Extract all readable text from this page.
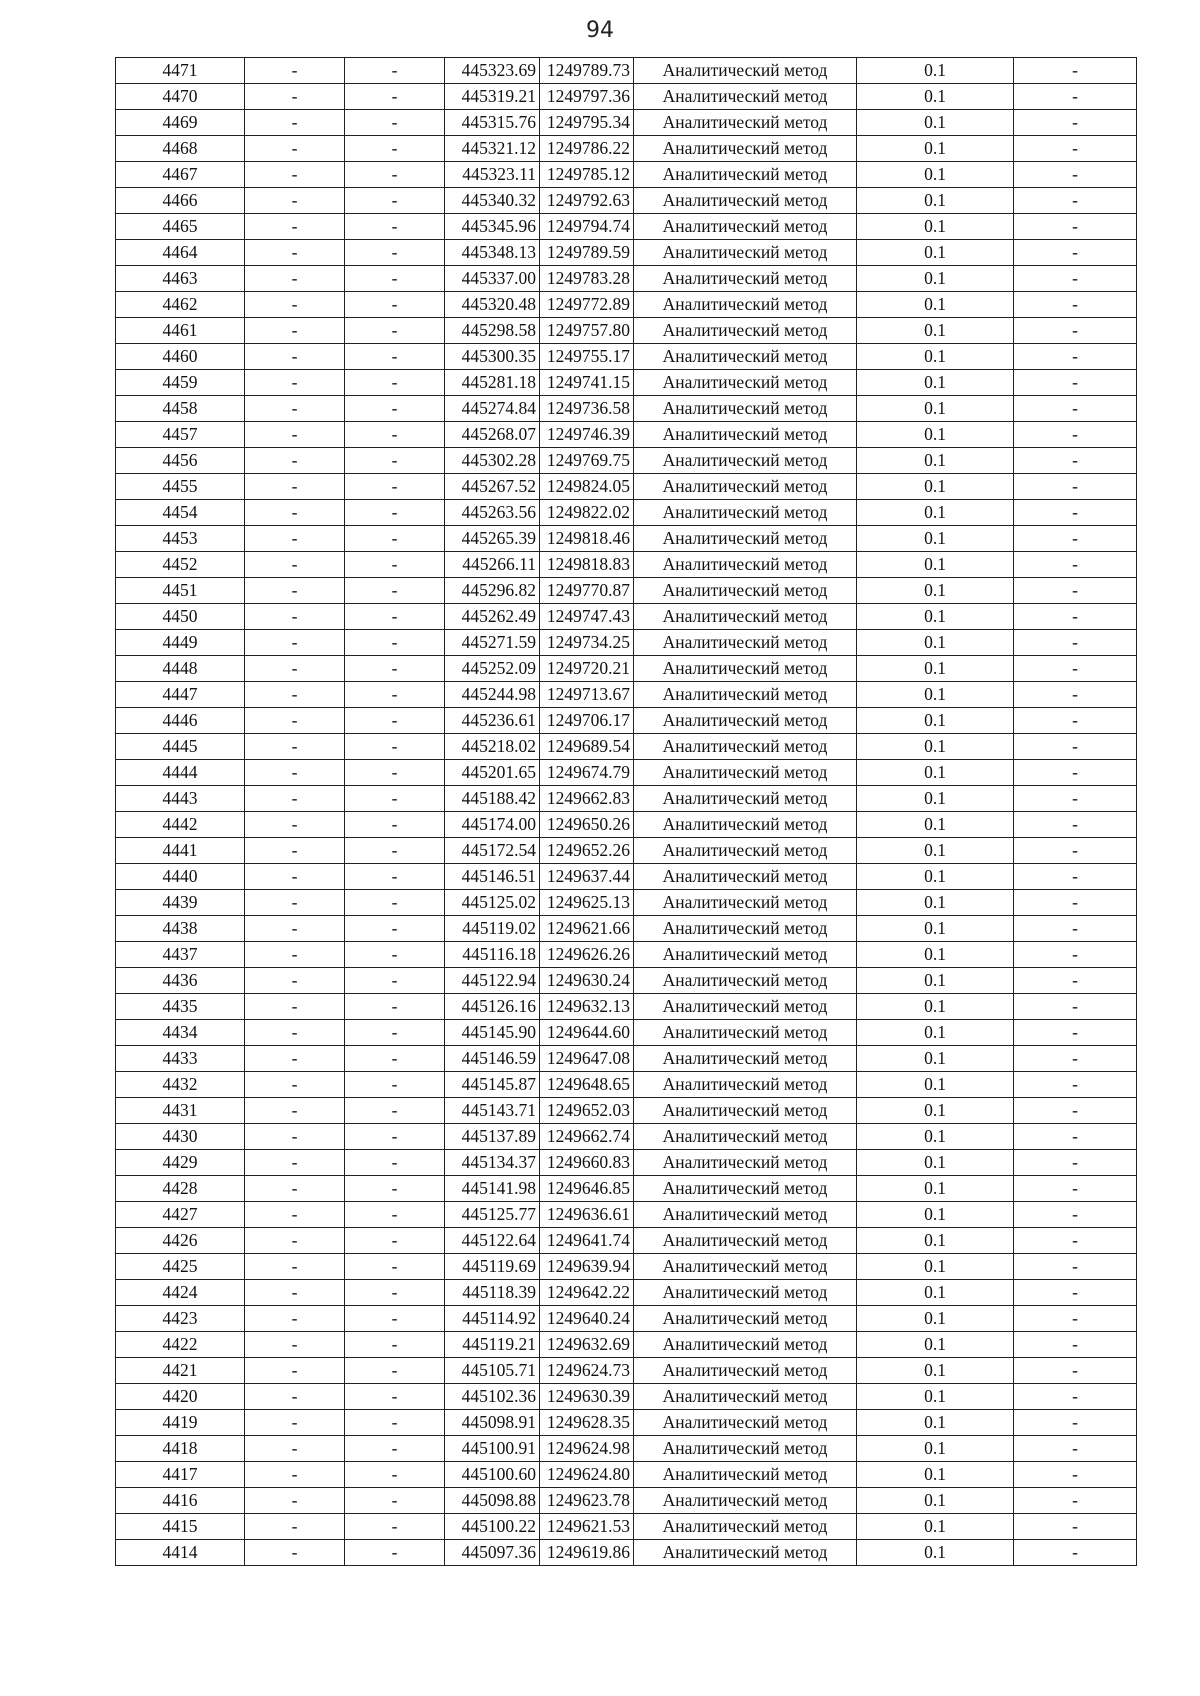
94
4471	-	-	445323.69	1249789.73	Аналитический метод	0.1	-
4470	-	-	445319.21	1249797.36	Аналитический метод	0.1	-
4469	-	-	445315.76	1249795.34	Аналитический метод	0.1	-
4468	-	-	445321.12	1249786.22	Аналитический метод	0.1	-
4467	-	-	445323.11	1249785.12	Аналитический метод	0.1	-
4466	-	-	445340.32	1249792.63	Аналитический метод	0.1	-
4465	-	-	445345.96	1249794.74	Аналитический метод	0.1	-
4464	-	-	445348.13	1249789.59	Аналитический метод	0.1	-
4463	-	-	445337.00	1249783.28	Аналитический метод	0.1	-
4462	-	-	445320.48	1249772.89	Аналитический метод	0.1	-
4461	-	-	445298.58	1249757.80	Аналитический метод	0.1	-
4460	-	-	445300.35	1249755.17	Аналитический метод	0.1	-
4459	-	-	445281.18	1249741.15	Аналитический метод	0.1	-
4458	-	-	445274.84	1249736.58	Аналитический метод	0.1	-
4457	-	-	445268.07	1249746.39	Аналитический метод	0.1	-
4456	-	-	445302.28	1249769.75	Аналитический метод	0.1	-
4455	-	-	445267.52	1249824.05	Аналитический метод	0.1	-
4454	-	-	445263.56	1249822.02	Аналитический метод	0.1	-
4453	-	-	445265.39	1249818.46	Аналитический метод	0.1	-
4452	-	-	445266.11	1249818.83	Аналитический метод	0.1	-
4451	-	-	445296.82	1249770.87	Аналитический метод	0.1	-
4450	-	-	445262.49	1249747.43	Аналитический метод	0.1	-
4449	-	-	445271.59	1249734.25	Аналитический метод	0.1	-
4448	-	-	445252.09	1249720.21	Аналитический метод	0.1	-
4447	-	-	445244.98	1249713.67	Аналитический метод	0.1	-
4446	-	-	445236.61	1249706.17	Аналитический метод	0.1	-
4445	-	-	445218.02	1249689.54	Аналитический метод	0.1	-
4444	-	-	445201.65	1249674.79	Аналитический метод	0.1	-
4443	-	-	445188.42	1249662.83	Аналитический метод	0.1	-
4442	-	-	445174.00	1249650.26	Аналитический метод	0.1	-
4441	-	-	445172.54	1249652.26	Аналитический метод	0.1	-
4440	-	-	445146.51	1249637.44	Аналитический метод	0.1	-
4439	-	-	445125.02	1249625.13	Аналитический метод	0.1	-
4438	-	-	445119.02	1249621.66	Аналитический метод	0.1	-
4437	-	-	445116.18	1249626.26	Аналитический метод	0.1	-
4436	-	-	445122.94	1249630.24	Аналитический метод	0.1	-
4435	-	-	445126.16	1249632.13	Аналитический метод	0.1	-
4434	-	-	445145.90	1249644.60	Аналитический метод	0.1	-
4433	-	-	445146.59	1249647.08	Аналитический метод	0.1	-
4432	-	-	445145.87	1249648.65	Аналитический метод	0.1	-
4431	-	-	445143.71	1249652.03	Аналитический метод	0.1	-
4430	-	-	445137.89	1249662.74	Аналитический метод	0.1	-
4429	-	-	445134.37	1249660.83	Аналитический метод	0.1	-
4428	-	-	445141.98	1249646.85	Аналитический метод	0.1	-
4427	-	-	445125.77	1249636.61	Аналитический метод	0.1	-
4426	-	-	445122.64	1249641.74	Аналитический метод	0.1	-
4425	-	-	445119.69	1249639.94	Аналитический метод	0.1	-
4424	-	-	445118.39	1249642.22	Аналитический метод	0.1	-
4423	-	-	445114.92	1249640.24	Аналитический метод	0.1	-
4422	-	-	445119.21	1249632.69	Аналитический метод	0.1	-
4421	-	-	445105.71	1249624.73	Аналитический метод	0.1	-
4420	-	-	445102.36	1249630.39	Аналитический метод	0.1	-
4419	-	-	445098.91	1249628.35	Аналитический метод	0.1	-
4418	-	-	445100.91	1249624.98	Аналитический метод	0.1	-
4417	-	-	445100.60	1249624.80	Аналитический метод	0.1	-
4416	-	-	445098.88	1249623.78	Аналитический метод	0.1	-
4415	-	-	445100.22	1249621.53	Аналитический метод	0.1	-
4414	-	-	445097.36	1249619.86	Аналитический метод	0.1	-
